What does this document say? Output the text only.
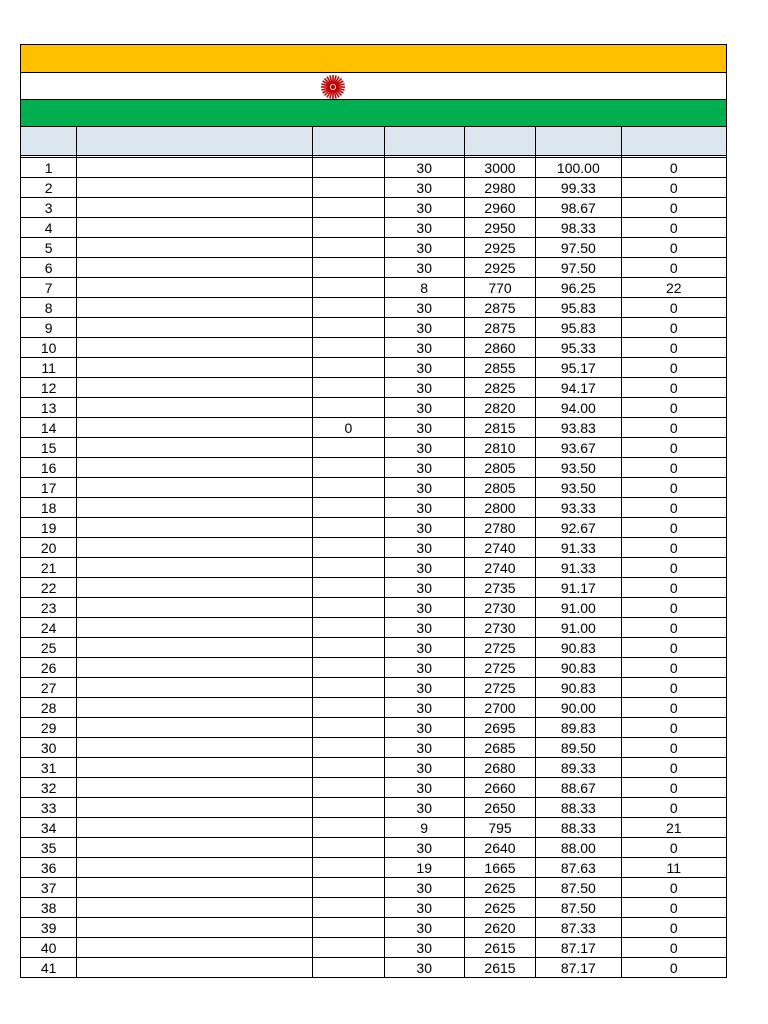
1			30	3000	100.00	0
2			30	2980	99.33	0
3			30	2960	98.67	0
4			30	2950	98.33	0
5			30	2925	97.50	0
6			30	2925	97.50	0
7			8	770	96.25	22
8			30	2875	95.83	0
9			30	2875	95.83	0
10			30	2860	95.33	0
11			30	2855	95.17	0
12			30	2825	94.17	0
13			30	2820	94.00	0
14		0	30	2815	93.83	0
15			30	2810	93.67	0
16			30	2805	93.50	0
17			30	2805	93.50	0
18			30	2800	93.33	0
19			30	2780	92.67	0
20			30	2740	91.33	0
21			30	2740	91.33	0
22			30	2735	91.17	0
23			30	2730	91.00	0
24			30	2730	91.00	0
25			30	2725	90.83	0
26			30	2725	90.83	0
27			30	2725	90.83	0
28			30	2700	90.00	0
29			30	2695	89.83	0
30			30	2685	89.50	0
31			30	2680	89.33	0
32			30	2660	88.67	0
33			30	2650	88.33	0
34			9	795	88.33	21
35			30	2640	88.00	0
36			19	1665	87.63	11
37			30	2625	87.50	0
38			30	2625	87.50	0
39			30	2620	87.33	0
40			30	2615	87.17	0
41			30	2615	87.17	0
